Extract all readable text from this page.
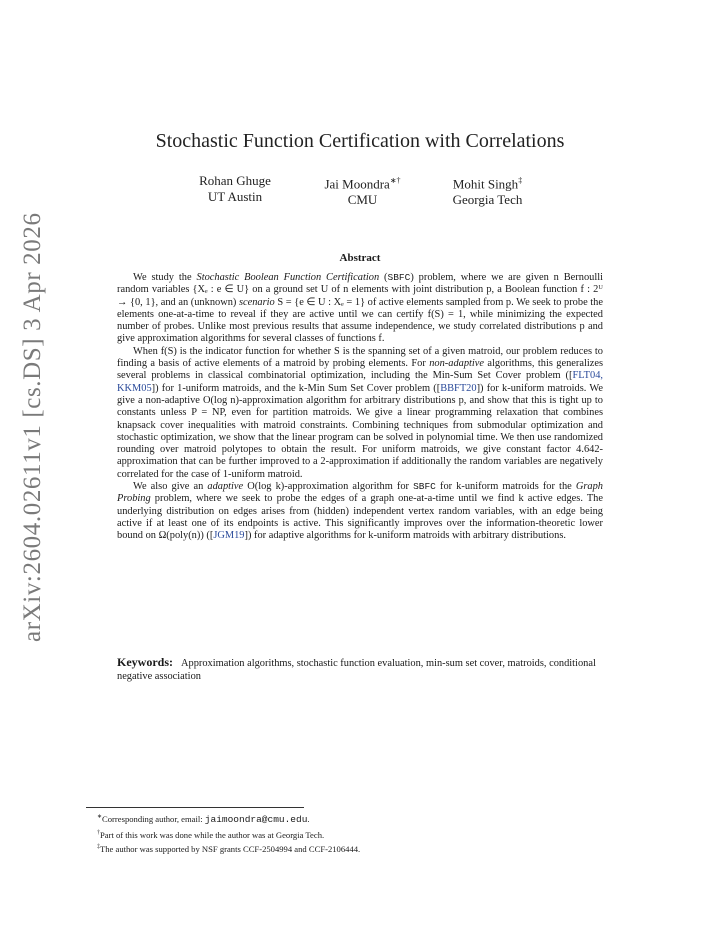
arXiv:2604.02611v1 [cs.DS] 3 Apr 2026
Stochastic Function Certification with Correlations
Rohan Ghuge
UT Austin
Jai Moondra∗†
CMU
Mohit Singh‡
Georgia Tech
Abstract

We study the Stochastic Boolean Function Certification (SBFC) problem, where we are given n Bernoulli random variables {Xₑ : e ∈ U} on a ground set U of n elements with joint distribution p, a Boolean function f : 2ᵁ → {0, 1}, and an (unknown) scenario S = {e ∈ U : Xₑ = 1} of active elements sampled from p. We seek to probe the elements one-at-a-time to reveal if they are active until we can certify f(S) = 1, while minimizing the expected number of probes. Unlike most previous results that assume independence, we study correlated distributions p and give approximation algorithms for several classes of functions f.

When f(S) is the indicator function for whether S is the spanning set of a given matroid, our problem reduces to finding a basis of active elements of a matroid by probing elements. For non-adaptive algorithms, this generalizes several problems in classical combinatorial optimization, including the Min-Sum Set Cover problem ([FLT04, KKM05]) for 1-uniform matroids, and the k-Min Sum Set Cover problem ([BBFT20]) for k-uniform matroids. We give a non-adaptive O(log n)-approximation algorithm for arbitrary distributions p, and show that this is tight up to constants unless P = NP, even for partition matroids. We give a linear programming relaxation that combines knapsack cover inequalities with matroid constraints. Combining techniques from submodular optimization and stochastic optimization, we show that the linear program can be solved in polynomial time. We then use randomized rounding over matroid polytopes to obtain the result. For uniform matroids, we give constant factor 4.642-approximation that can be further improved to a 2-approximation if additionally the random variables are negatively correlated for the case of 1-uniform matroid.

We also give an adaptive O(log k)-approximation algorithm for SBFC for k-uniform matroids for the Graph Probing problem, where we seek to probe the edges of a graph one-at-a-time until we find k active edges. The underlying distribution on edges arises from (hidden) independent vertex random variables, with an edge being active if at least one of its endpoints is active. This significantly improves over the information-theoretic lower bound on Ω(poly(n)) ([JGM19]) for adaptive algorithms for k-uniform matroids with arbitrary distributions.

Keywords: Approximation algorithms, stochastic function evaluation, min-sum set cover, matroids, conditional negative association
∗Corresponding author, email: jaimoondra@cmu.edu.
†Part of this work was done while the author was at Georgia Tech.
‡The author was supported by NSF grants CCF-2504994 and CCF-2106444.
